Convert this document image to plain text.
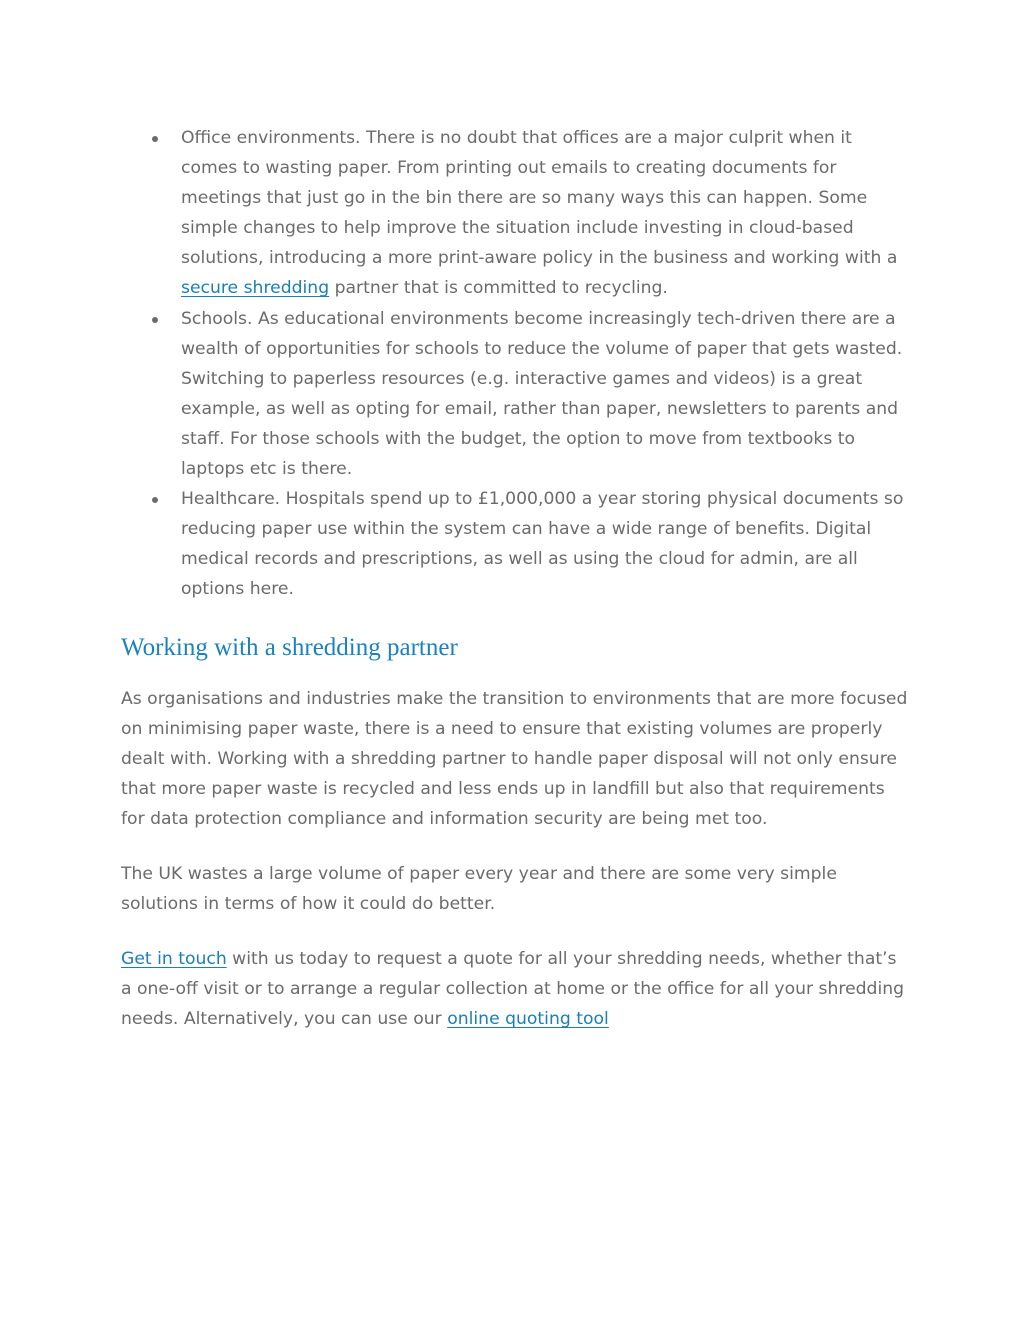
Office environments. There is no doubt that offices are a major culprit when it comes to wasting paper. From printing out emails to creating documents for meetings that just go in the bin there are so many ways this can happen. Some simple changes to help improve the situation include investing in cloud-based solutions, introducing a more print-aware policy in the business and working with a secure shredding partner that is committed to recycling.
Schools. As educational environments become increasingly tech-driven there are a wealth of opportunities for schools to reduce the volume of paper that gets wasted. Switching to paperless resources (e.g. interactive games and videos) is a great example, as well as opting for email, rather than paper, newsletters to parents and staff. For those schools with the budget, the option to move from textbooks to laptops etc is there.
Healthcare. Hospitals spend up to £1,000,000 a year storing physical documents so reducing paper use within the system can have a wide range of benefits. Digital medical records and prescriptions, as well as using the cloud for admin, are all options here.
Working with a shredding partner

As organisations and industries make the transition to environments that are more focused on minimising paper waste, there is a need to ensure that existing volumes are properly dealt with. Working with a shredding partner to handle paper disposal will not only ensure that more paper waste is recycled and less ends up in landfill but also that requirements for data protection compliance and information security are being met too.

The UK wastes a large volume of paper every year and there are some very simple solutions in terms of how it could do better.

Get in touch with us today to request a quote for all your shredding needs, whether that’s a one-off visit or to arrange a regular collection at home or the office for all your shredding needs. Alternatively, you can use our online quoting tool
